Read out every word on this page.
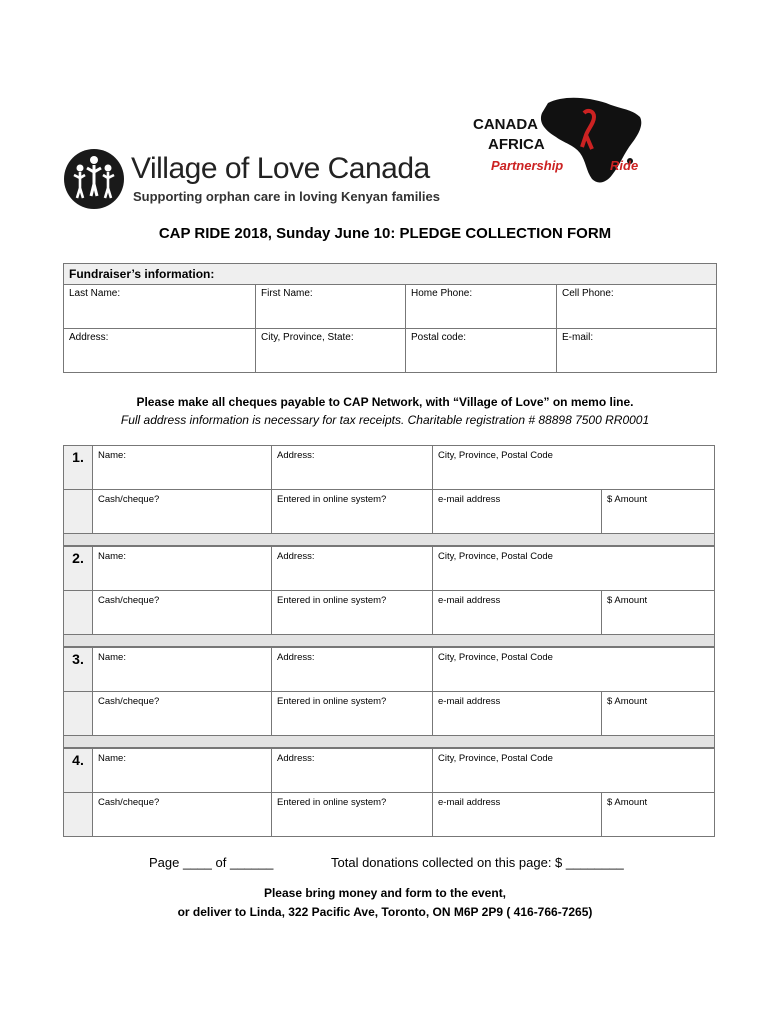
Village of Love Canada
Supporting orphan care in loving Kenyan families
CANADA
AFRICA
Partnership	Ride
CAP RIDE 2018, Sunday June 10: PLEDGE COLLECTION FORM
Fundraiser’s information:			
Last Name:	First Name:	Home Phone:	Cell Phone:
Address:	City, Province, State:	Postal code:	E-mail:
Please make all cheques payable to CAP Network, with “Village of Love” on memo line.
Full address information is necessary for tax receipts. Charitable registration # 88898 7500 RR0001
1.	Name:	Address:	City, Province, Postal Code	
	Cash/cheque?	Entered in online system?	e-mail address	$ Amount
2.	Name:	Address:	City, Province, Postal Code	
	Cash/cheque?	Entered in online system?	e-mail address	$ Amount
3.	Name:	Address:	City, Province, Postal Code	
	Cash/cheque?	Entered in online system?	e-mail address	$ Amount
4.	Name:	Address:	City, Province, Postal Code	
	Cash/cheque?	Entered in online system?	e-mail address	$ Amount
Page ____ of ______	Total donations collected on this page: $ ________
Please bring money and form to the event,
or deliver to Linda, 322 Pacific Ave, Toronto, ON M6P 2P9 ( 416-766-7265)
